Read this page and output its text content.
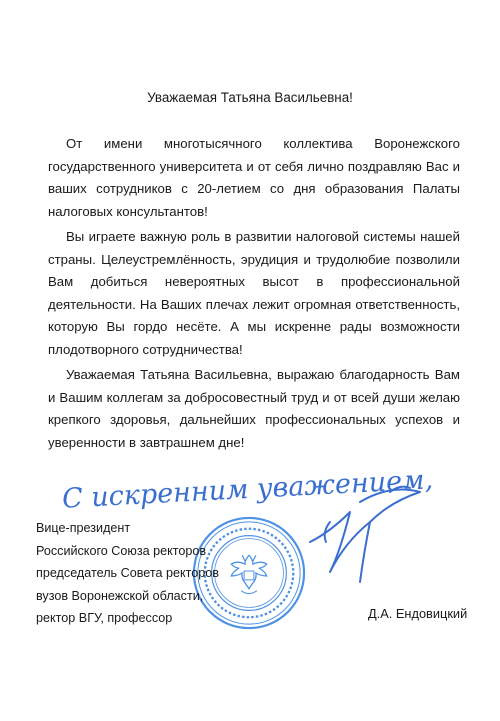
Уважаемая Татьяна Васильевна!

От имени многотысячного коллектива Воронежского государственного университета и от себя лично поздравляю Вас и ваших сотрудников с 20-летием со дня образования Палаты налоговых консультантов!

Вы играете важную роль в развитии налоговой системы нашей страны. Целеустремлённость, эрудиция и трудолюбие позволили Вам добиться невероятных высот в профессиональной деятельности. На Ваших плечах лежит огромная ответственность, которую Вы гордо несёте. А мы искренне рады возможности плодотворного сотрудничества!

Уважаемая Татьяна Васильевна, выражаю благодарность Вам и Вашим коллегам за добросовестный труд и от всей души желаю крепкого здоровья, дальнейших профессиональных успехов и уверенности в завтрашнем дне!

С искренним уважением,
Вице-президент
Российского Союза ректоров
председатель Совета ректоров
вузов Воронежской области,
ректор ВГУ, профессор	Д.А. Ендовицкий
